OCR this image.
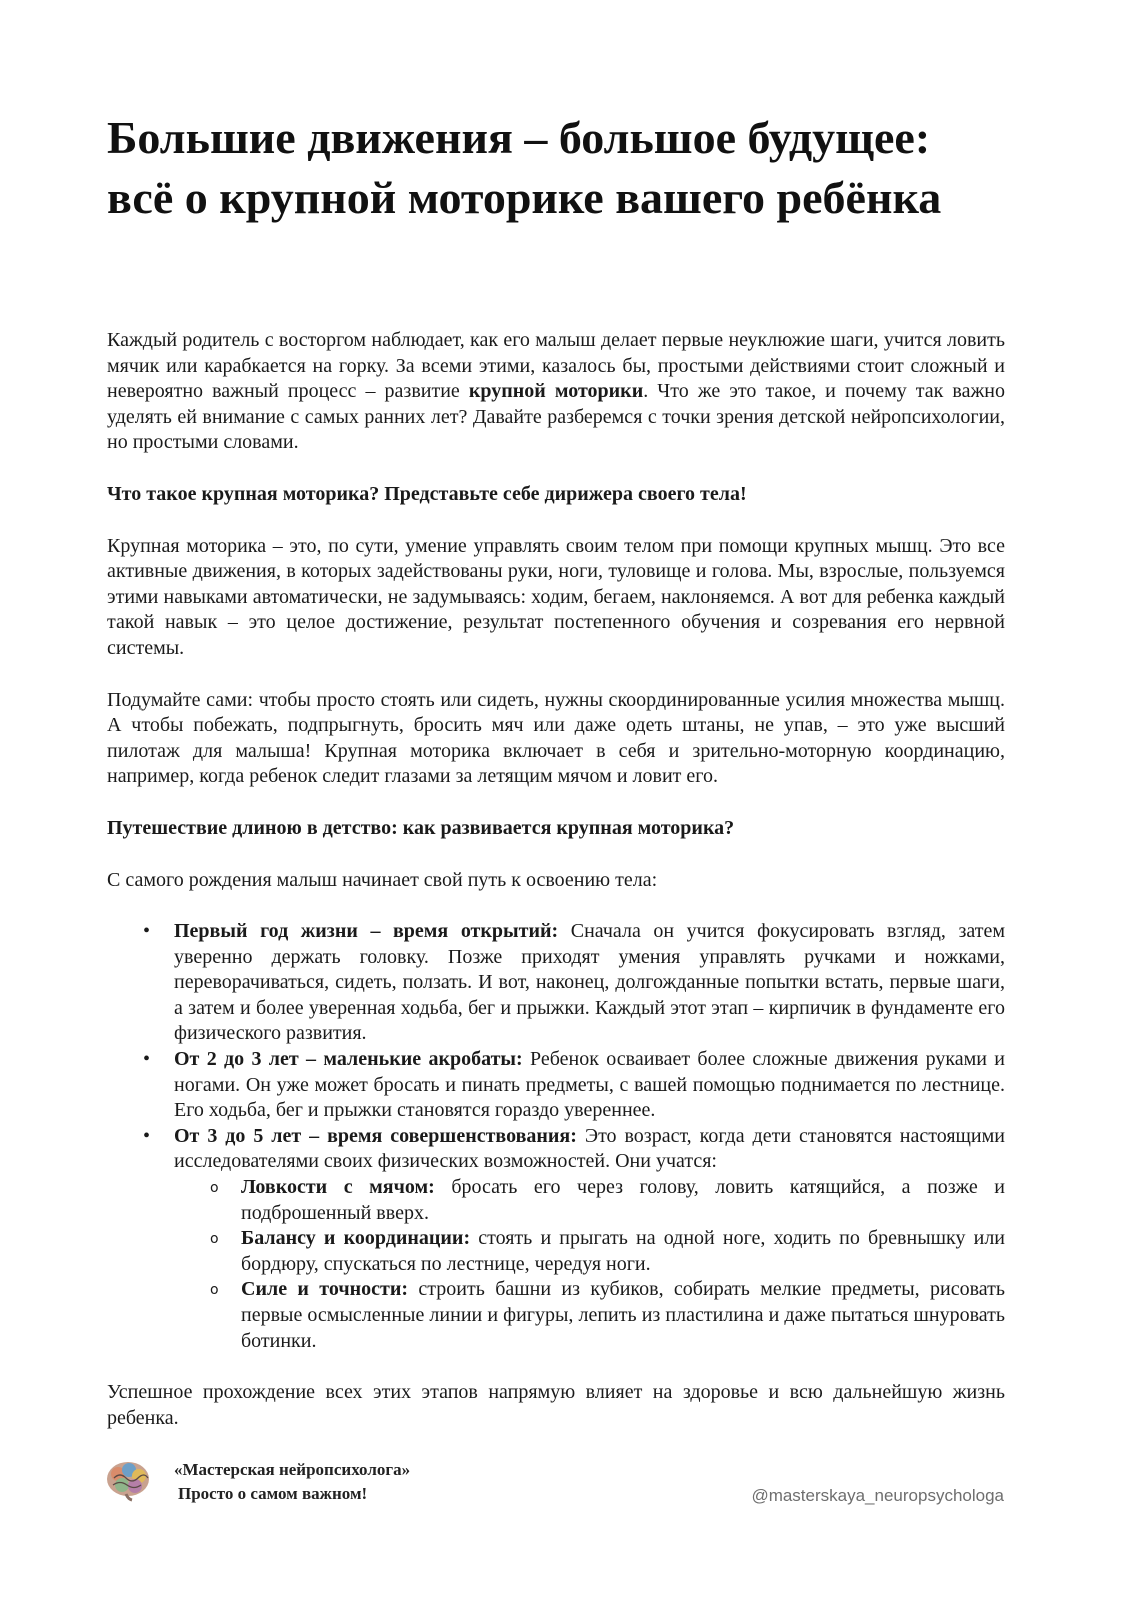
Большие движения – большое будущее:
всё о крупной моторике вашего ребёнка

Каждый родитель с восторгом наблюдает, как его малыш делает первые неуклюжие шаги, учится ловить мячик или карабкается на горку. За всеми этими, казалось бы, простыми действиями стоит сложный и невероятно важный процесс – развитие крупной моторики. Что же это такое, и почему так важно уделять ей внимание с самых ранних лет? Давайте разберемся с точки зрения детской нейропсихологии, но простыми словами.

Что такое крупная моторика? Представьте себе дирижера своего тела!

Крупная моторика – это, по сути, умение управлять своим телом при помощи крупных мышц. Это все активные движения, в которых задействованы руки, ноги, туловище и голова. Мы, взрослые, пользуемся этими навыками автоматически, не задумываясь: ходим, бегаем, наклоняемся. А вот для ребенка каждый такой навык – это целое достижение, результат постепенного обучения и созревания его нервной системы.

Подумайте сами: чтобы просто стоять или сидеть, нужны скоординированные усилия множества мышц. А чтобы побежать, подпрыгнуть, бросить мяч или даже одеть штаны, не упав, – это уже высший пилотаж для малыша! Крупная моторика включает в себя и зрительно-моторную координацию, например, когда ребенок следит глазами за летящим мячом и ловит его.

Путешествие длиною в детство: как развивается крупная моторика?

С самого рождения малыш начинает свой путь к освоению тела:

• Первый год жизни – время открытий: Сначала он учится фокусировать взгляд, затем уверенно держать головку. Позже приходят умения управлять ручками и ножками, переворачиваться, сидеть, ползать. И вот, наконец, долгожданные попытки встать, первые шаги, а затем и более уверенная ходьба, бег и прыжки. Каждый этот этап – кирпичик в фундаменте его физического развития.
• От 2 до 3 лет – маленькие акробаты: Ребенок осваивает более сложные движения руками и ногами. Он уже может бросать и пинать предметы, с вашей помощью поднимается по лестнице. Его ходьба, бег и прыжки становятся гораздо увереннее.
• От 3 до 5 лет – время совершенствования: Это возраст, когда дети становятся настоящими исследователями своих физических возможностей. Они учатся:
o Ловкости с мячом: бросать его через голову, ловить катящийся, а позже и подброшенный вверх.
o Балансу и координации: стоять и прыгать на одной ноге, ходить по бревнышку или бордюру, спускаться по лестнице, чередуя ноги.
o Силе и точности: строить башни из кубиков, собирать мелкие предметы, рисовать первые осмысленные линии и фигуры, лепить из пластилина и даже пытаться шнуровать ботинки.

Успешное прохождение всех этих этапов напрямую влияет на здоровье и всю дальнейшую жизнь ребенка.

«Мастерская нейропсихолога»
Просто о самом важном!	@masterskaya_neuropsychologa
